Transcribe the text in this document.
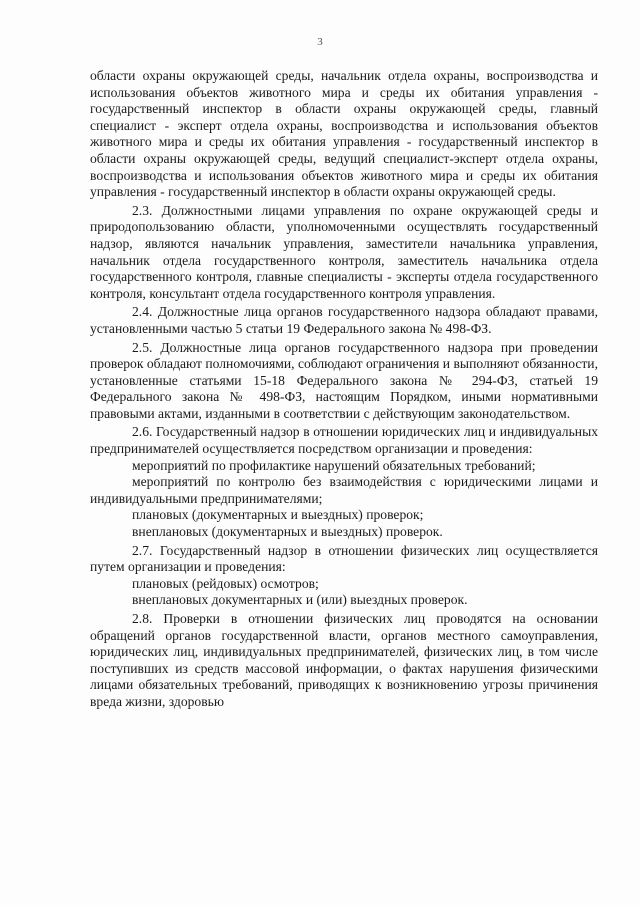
3

области охраны окружающей среды, начальник отдела охраны, воспроизводства и использования объектов животного мира и среды их обитания управления - государственный инспектор в области охраны окружающей среды, главный специалист - эксперт отдела охраны, воспроизводства и использования объектов животного мира и среды их обитания управления - государственный инспектор в области охраны окружающей среды, ведущий специалист-эксперт отдела охраны, воспроизводства и использования объектов животного мира и среды их обитания управления - государственный инспектор в области охраны окружающей среды.

2.3. Должностными лицами управления по охране окружающей среды и природопользованию области, уполномоченными осуществлять государственный надзор, являются начальник управления, заместители начальника управления, начальник отдела государственного контроля, заместитель начальника отдела государственного контроля, главные специалисты - эксперты отдела государственного контроля, консультант отдела государственного контроля управления.

2.4. Должностные лица органов государственного надзора обладают правами, установленными частью 5 статьи 19 Федерального закона № 498-ФЗ.

2.5. Должностные лица органов государственного надзора при проведении проверок обладают полномочиями, соблюдают ограничения и выполняют обязанности, установленные статьями 15-18 Федерального закона № 294-ФЗ, статьей 19 Федерального закона № 498-ФЗ, настоящим Порядком, иными нормативными правовыми актами, изданными в соответствии с действующим законодательством.

2.6. Государственный надзор в отношении юридических лиц и индивидуальных предпринимателей осуществляется посредством организации и проведения:

мероприятий по профилактике нарушений обязательных требований;

мероприятий по контролю без взаимодействия с юридическими лицами и индивидуальными предпринимателями;

плановых (документарных и выездных) проверок;

внеплановых (документарных и выездных) проверок.

2.7. Государственный надзор в отношении физических лиц осуществляется путем организации и проведения:

плановых (рейдовых) осмотров;

внеплановых документарных и (или) выездных проверок.

2.8. Проверки в отношении физических лиц проводятся на основании обращений органов государственной власти, органов местного самоуправления, юридических лиц, индивидуальных предпринимателей, физических лиц, в том числе поступивших из средств массовой информации, о фактах нарушения физическими лицами обязательных требований, приводящих к возникновению угрозы причинения вреда жизни, здоровью
